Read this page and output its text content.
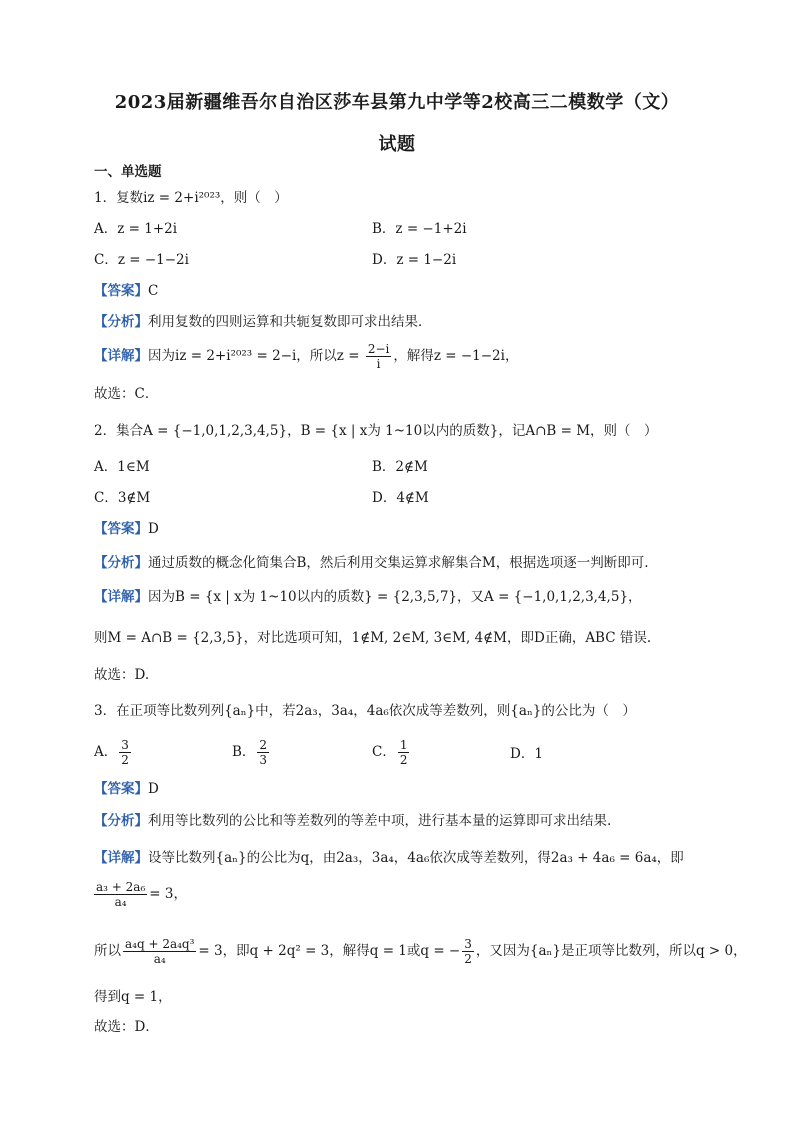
2023届新疆维吾尔自治区莎车县第九中学等2校高三二模数学（文）
试题
一、单选题
1．复数iz = 2+i²⁰²³，则（　）
A．z = 1+2i	B．z = −1+2i
C．z = −1−2i	D．z = 1−2i
【答案】C
【分析】利用复数的四则运算和共轭复数即可求出结果．
【详解】因为iz = 2+i²⁰²³ = 2−i，所以$z = \frac{2-i}{i}$ ，解得z = −1−2i，
故选：C．
2．集合A = {−1,0,1,2,3,4,5}，B = {x | x为 1~10以内的质数}，记A∩B = M，则（　）
A．1∈M	B．2∉M
C．3∉M	D．4∉M
【答案】D
【分析】通过质数的概念化简集合B，然后利用交集运算求解集合M，根据选项逐一判断即可.
【详解】因为B = {x | x为 1~10以内的质数} = {2,3,5,7}，又A = {−1,0,1,2,3,4,5}，
则M = A∩B = {2,3,5}，对比选项可知，1∉M, 2∈M, 3∈M, 4∉M，即D正确，ABC 错误.
故选：D.
3．在正项等比数列列{aₙ}中，若2a₃，3a₄，4a₆依次成等差数列，则{aₙ}的公比为（　）
A． $\frac{3}{2}$	B． $\frac{2}{3}$	C． $\frac{1}{2}$	D．1
【答案】D
【分析】利用等比数列的公比和等差数列的等差中项，进行基本量的运算即可求出结果.
【详解】设等比数列{aₙ}的公比为q，由2a₃，3a₄，4a₆依次成等差数列，得2a₃ + 4a₆ = 6a₄，即
$\frac{\text{a₃ + 2a₆}}{\text{a₄}} = 3$，
所以 $\frac{\text{a₄q + 2a₄q³}}{\text{a₄}} = 3$，即q + 2q² = 3，解得q = 1或q = − $\frac{3}{2}$ ，又因为{aₙ}是正项等比数列，所以q > 0，
得到q = 1，
故选：D．
